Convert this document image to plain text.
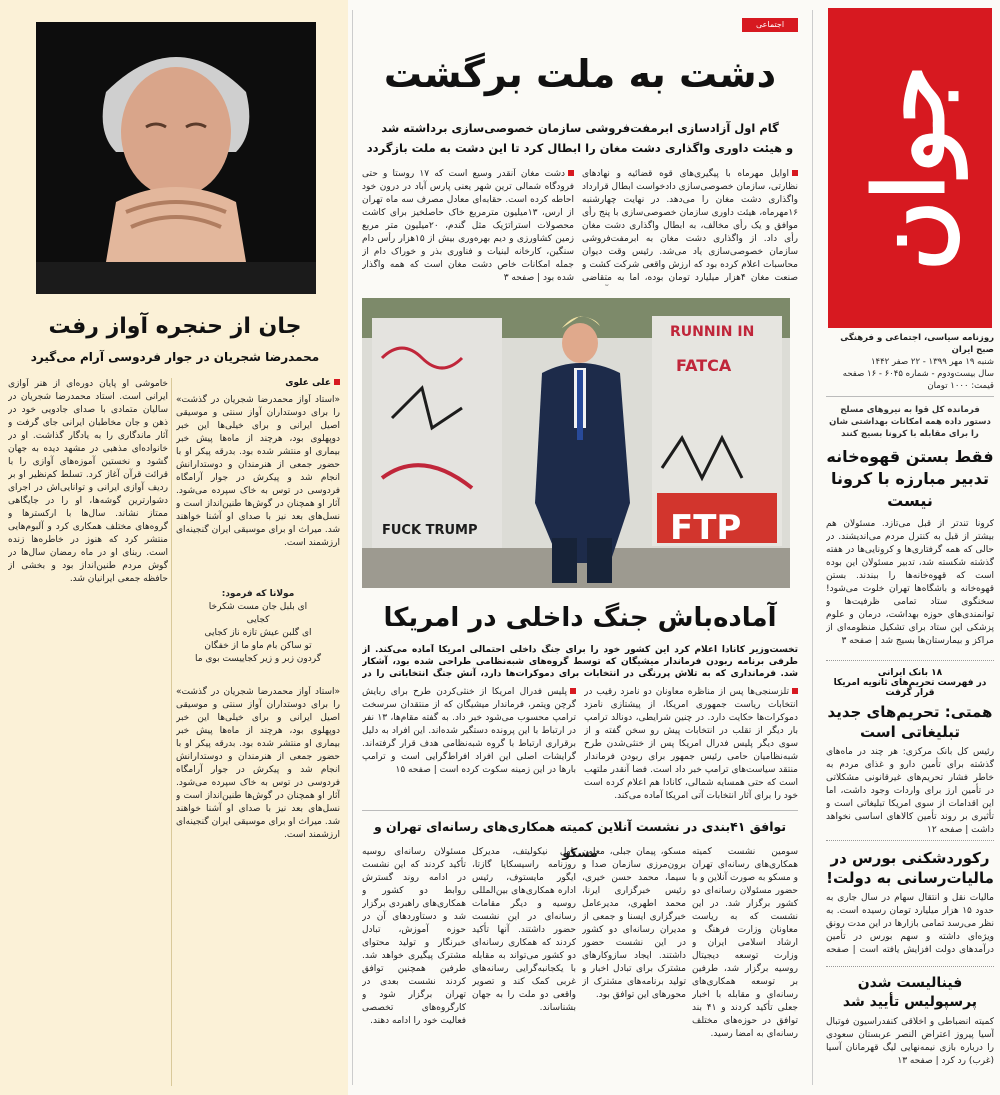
جوان
روزنامه سیاسی، اجتماعی و فرهنگی صبح ایران
شنبه ۱۹ مهر ۱۳۹۹ - ۲۲ صفر ۱۴۴۲
سال بیست‌ودوم - شماره ۶۰۴۵ - ۱۶ صفحه
قیمت: ۱۰۰۰ تومان
فرمانده کل قوا به نیروهای مسلح دستور داده همه امکانات بهداشتی شان را برای مقابله با کرونا بسیج کنند
فقط بستن قهوه‌خانه تدبیر مبارزه با کرونا نیست
کرونا تندتر از قبل می‌تازد. مسئولان هم بیشتر از قبل به کنترل مردم می‌اندیشند. در حالی که همه گرفتاری‌ها و کرونایی‌ها در هفته گذشته شکسته شد، تدبیر مسئولان این بوده است که قهوه‌خانه‌ها را ببندند. بستن قهوه‌خانه و باشگاه‌ها تهران خلوت می‌شود! سخنگوی ستاد تمامی ظرفیت‌ها و توانمندی‌های حوزه بهداشت، درمان و علوم پزشکی این ستاد برای تشکیل منظومه‌ای از مراکز و بیمارستان‌ها بسیج شد | صفحه ۳
۱۸ بانک ایرانی
در فهرست تحریم‌های ثانویه امریکا قرار گرفت
همتی: تحریم‌های جدید تبلیغاتی است
رئیس کل بانک مرکزی: هر چند در ماه‌های گذشته برای تأمین دارو و غذای مردم به خاطر فشار تحریم‌های غیرقانونی مشکلاتی در تأمین ارز برای واردات وجود داشت، اما این اقدامات از سوی امریکا تبلیغاتی است و تأثیری بر روند تأمین کالاهای اساسی نخواهد داشت | صفحه ۱۲
رکوردشکنی بورس در مالیات‌رسانی به دولت!
مالیات نقل و انتقال سهام در سال جاری به حدود ۱۵ هزار میلیارد تومان رسیده است. به نظر می‌رسد تمامی بازارها در این مدت رونق ویژه‌ای داشته و سهم بورس در تأمین درآمدهای دولت افزایش یافته است | صفحه
فینالیست شدن پرسپولیس تأیید شد
کمیته انضباطی و اخلاقی کنفدراسیون فوتبال آسیا پیروز اعتراض النصر عربستان سعودی را درباره بازی نیمه‌نهایی لیگ قهرمانان آسیا (غرب) رد کرد | صفحه ۱۳
اجتماعی
دشت به ملت برگشت
گام اول آزادسازی ابرمفت‌فروشی سازمان خصوصی‌سازی برداشته شد
و هیئت داوری واگذاری دشت مغان را ابطال کرد تا این دشت به ملت بازگردد
اوایل مهرماه با پیگیری‌های قوه قضائیه و نهادهای نظارتی، سازمان خصوصی‌سازی دادخواست ابطال قرارداد واگذاری دشت مغان را می‌دهد. در نهایت چهارشنبه ۱۶مهرماه، هیئت داوری سازمان خصوصی‌سازی با پنج رأی موافق و یک رأی مخالف، به ابطال واگذاری دشت مغان رأی داد. از واگذاری دشت مغان به ابرمفت‌فروشی سازمان خصوصی‌سازی یاد می‌شد. رئیس وقت دیوان محاسبات اعلام کرده بود که ارزش واقعی شرکت کشت و صنعت مغان ۴هزار میلیارد تومان بوده، اما به متقاضی
دشت مغان آنقدر وسیع است که ۱۷ روستا و حتی فرودگاه شمالی ترین شهر یعنی پارس آباد در درون خود احاطه کرده است. حقابه‌ای معادل مصرف سه ماه تهران از ارس، ۱۳میلیون مترمربع خاک حاصلخیز برای کاشت محصولات استراتژیک مثل گندم، ۲۰میلیون متر مربع زمین کشاورزی و دیم بهره‌وری بیش از ۱۵هزار رأس دام سنگین، کارخانه لبنیات و فناوری بذر و خوراک دام از جمله امکانات خاص دشت مغان است که همه واگذار شده بود | صفحه ۳
RUNNIN IN
FATCA
FTP
FUCK TRUMP
آماده‌باش جنگ داخلی در امریکا
تخست‌وزیر کانادا اعلام کرد این کشور خود را برای جنگ داخلی احتمالی امریکا آماده می‌کند. از طرفی برنامه ربودن فرماندار میشیگان که توسط گروه‌های شبه‌نظامی طراحی شده بود، آشکار شد. فرمانداری که به تلاش پررنگی در انتخابات برای دموکرات‌ها دارد، آنش جنگ انتخاباتی را در
تلزسنجی‌ها پس از مناظره معاونان دو نامزد رقیب در انتخابات ریاست جمهوری امریکا، از پیشتازی نامزد دموکرات‌ها حکایت دارد. در چنین شرایطی، دونالد ترامپ بار دیگر از تقلب در انتخابات پیش رو سخن گفته و از سوی دیگر پلیس فدرال امریکا پس از خنثی‌شدن طرح شبه‌نظامیان حامی رئیس جمهور برای ربودن فرماندار منتقد سیاست‌های ترامپ خبر داد است. فضا آنقدر ملتهب است که حتی همسایه شمالی، کانادا هم اعلام کرده است خود را برای آثار انتخابات آتی امریکا آماده می‌کند.
پلیس فدرال امریکا از خنثی‌کردن طرح برای ربایش گرچن ویتمر، فرماندار میشیگان که از منتقدان سرسخت ترامپ محسوب می‌شود خبر داد. به گفته مقام‌ها، ۱۳ نفر در ارتباط با این پرونده دستگیر شده‌اند. این افراد به دلیل برقراری ارتباط با گروه شبه‌نظامی هدف قرار گرفته‌اند. گرایشات اصلی این افراد افراط‌گرایی است و ترامپ بارها در این زمینه سکوت کرده است | صفحه ۱۵
توافق ۴۱بندی در نشست آنلاین کمیته همکاری‌های رسانه‌ای تهران و مسکو	سومین نشست کمیته همکاری‌های رسانه‌ای تهران و مسکو به صورت آنلاین و با حضور مسئولان رسانه‌ای دو کشور برگزار شد. در این نشست که به ریاست معاونان وزارت فرهنگ و ارشاد اسلامی ایران و وزارت توسعه دیجیتال روسیه برگزار شد، طرفین بر توسعه همکاری‌های رسانه‌ای و مقابله با اخبار جعلی تأکید کردند و ۴۱ بند توافق در حوزه‌های مختلف رسانه‌ای به امضا رسید.
مسکو، پیمان جبلی، معاون برون‌مرزی سازمان صدا و سیما، محمد حسن خیری، رئیس خبرگزاری ایرنا، محمد اطهری، مدیرعامل خبرگزاری ایسنا و جمعی از مدیران رسانه‌ای دو کشور در این نشست حضور داشتند. ایجاد سازوکارهای مشترک برای تبادل اخبار و تولید برنامه‌های مشترک از محورهای این توافق بود.
پاول نیکولیتف، مدیرکل روزنامه راسیسکایا گازتا، ایگور مایستوف، رئیس اداره همکاری‌های بین‌المللی روسیه و دیگر مقامات رسانه‌ای در این نشست حضور داشتند. آنها تأکید کردند که همکاری رسانه‌ای دو کشور می‌تواند به مقابله با یکجانبه‌گرایی رسانه‌های غربی کمک کند و تصویر واقعی دو ملت را به جهان بشناساند.
مسئولان رسانه‌ای روسیه تأکید کردند که این نشست در ادامه روند گسترش روابط دو کشور و همکاری‌های راهبردی برگزار شد و دستاوردهای آن در حوزه آموزش، تبادل خبرنگار و تولید محتوای مشترک پیگیری خواهد شد. طرفین همچنین توافق کردند نشست بعدی در تهران برگزار شود و کارگروه‌های تخصصی فعالیت خود را ادامه دهند.
جان از حنجره آواز رفت
محمدرضا شجریان در جوار فردوسی آرام می‌گیرد
علی علوی
«استاد آواز محمدرضا شجریان در گذشت» را برای دوستداران آواز سنتی و موسیقی اصیل ایرانی و برای خیلی‌ها این خبر دوپهلوی بود، هرچند از ماه‌ها پیش خبر بیماری او منتشر شده بود. بدرقه پیکر او با حضور جمعی از هنرمندان و دوستدارانش انجام شد و پیکرش در جوار آرامگاه فردوسی در توس به خاک سپرده می‌شود. آثار او همچنان در گوش‌ها طنین‌انداز است و نسل‌های بعد نیز با صدای او آشنا خواهند شد. میراث او برای موسیقی ایران گنجینه‌ای ارزشمند است.
مولانا که فرمود:
ای بلبل جان مست شکرخا
کجایی
ای گلبن عیش تازه ناز کجایی
تو ساکن بام ماو ما از خفگان
گردون زبر و زیر کجاییست بوی ما
«استاد آواز محمدرضا شجریان در گذشت» را برای دوستداران آواز سنتی و موسیقی اصیل ایرانی و برای خیلی‌ها این خبر دوپهلوی بود، هرچند از ماه‌ها پیش خبر بیماری او منتشر شده بود. بدرقه پیکر او با حضور جمعی از هنرمندان و دوستدارانش انجام شد و پیکرش در جوار آرامگاه فردوسی در توس به خاک سپرده می‌شود. آثار او همچنان در گوش‌ها طنین‌انداز است و نسل‌های بعد نیز با صدای او آشنا خواهند شد. میراث او برای موسیقی ایران گنجینه‌ای ارزشمند است.
خاموشی او پایان دوره‌ای از هنر آوازی ایرانی است. استاد محمدرضا شجریان در سالیان متمادی با صدای جادویی خود در ذهن و جان مخاطبان ایرانی جای گرفت و آثار ماندگاری را به یادگار گذاشت. او در خانواده‌ای مذهبی در مشهد دیده به جهان گشود و نخستین آموزه‌های آوازی را با قرائت قرآن آغاز کرد. تسلط کم‌نظیر او بر ردیف آوازی ایرانی و توانایی‌اش در اجرای دشوارترین گوشه‌ها، او را در جایگاهی ممتاز نشاند. سال‌ها با ارکسترها و گروه‌های مختلف همکاری کرد و آلبوم‌هایی منتشر کرد که هنوز در خاطره‌ها زنده است. ربنای او در ماه رمضان سال‌ها در گوش مردم طنین‌انداز بود و بخشی از حافظه جمعی ایرانیان شد.
